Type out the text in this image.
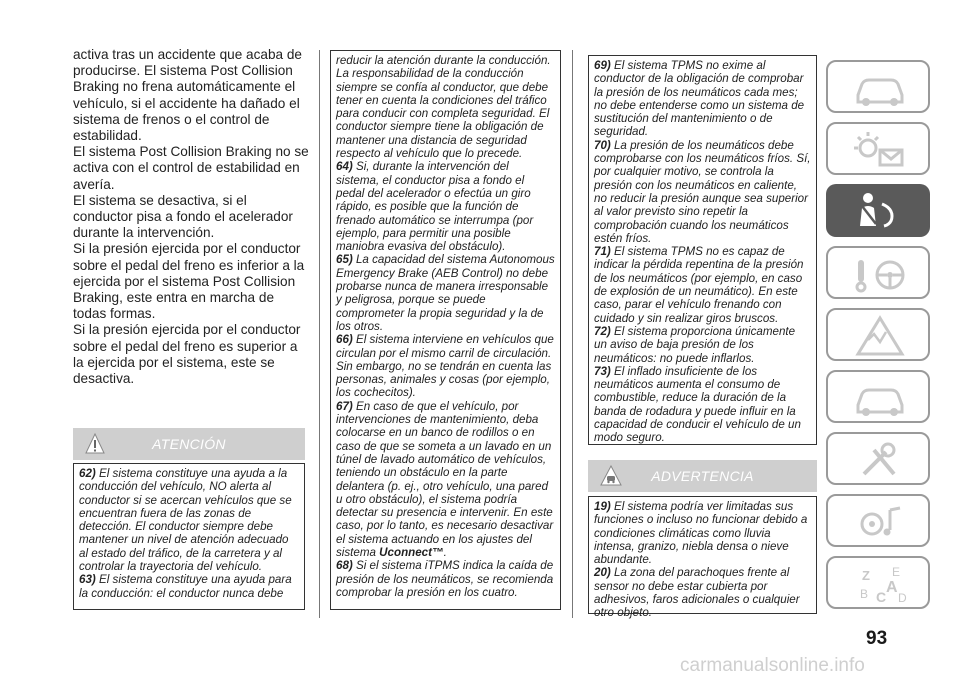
activa tras un accidente que acaba de producirse. El sistema Post Collision Braking no frena automáticamente el vehículo, si el accidente ha dañado el sistema de frenos o el control de estabilidad.

El sistema Post Collision Braking no se activa con el control de estabilidad en avería.

El sistema se desactiva, si el conductor pisa a fondo el acelerador durante la intervención.

Si la presión ejercida por el conductor sobre el pedal del freno es inferior a la ejercida por el sistema Post Collision Braking, este entra en marcha de todas formas.

Si la presión ejercida por el conductor sobre el pedal del freno es superior a la ejercida por el sistema, este se desactiva.

ATENCIÓN

62) El sistema constituye una ayuda a la conducción del vehículo, NO alerta al conductor si se acercan vehículos que se encuentran fuera de las zonas de detección. El conductor siempre debe mantener un nivel de atención adecuado al estado del tráfico, de la carretera y al controlar la trayectoria del vehículo.

63) El sistema constituye una ayuda para la conducción: el conductor nunca debe

reducir la atención durante la conducción. La responsabilidad de la conducción siempre se confía al conductor, que debe tener en cuenta la condiciones del tráfico para conducir con completa seguridad. El conductor siempre tiene la obligación de mantener una distancia de seguridad respecto al vehículo que lo precede.

64) Si, durante la intervención del sistema, el conductor pisa a fondo el pedal del acelerador o efectúa un giro rápido, es posible que la función de frenado automático se interrumpa (por ejemplo, para permitir una posible maniobra evasiva del obstáculo).

65) La capacidad del sistema Autonomous Emergency Brake (AEB Control) no debe probarse nunca de manera irresponsable y peligrosa, porque se puede comprometer la propia seguridad y la de los otros.

66) El sistema interviene en vehículos que circulan por el mismo carril de circulación. Sin embargo, no se tendrán en cuenta las personas, animales y cosas (por ejemplo, los cochecitos).

67) En caso de que el vehículo, por intervenciones de mantenimiento, deba colocarse en un banco de rodillos o en caso de que se someta a un lavado en un túnel de lavado automático de vehículos, teniendo un obstáculo en la parte delantera (p. ej., otro vehículo, una pared u otro obstáculo), el sistema podría detectar su presencia e intervenir. En este caso, por lo tanto, es necesario desactivar el sistema actuando en los ajustes del sistema Uconnect™.

68) Si el sistema iTPMS indica la caída de presión de los neumáticos, se recomienda comprobar la presión en los cuatro.

69) El sistema TPMS no exime al conductor de la obligación de comprobar la presión de los neumáticos cada mes; no debe entenderse como un sistema de sustitución del mantenimiento o de seguridad.

70) La presión de los neumáticos debe comprobarse con los neumáticos fríos. Sí, por cualquier motivo, se controla la presión con los neumáticos en caliente, no reducir la presión aunque sea superior al valor previsto sino repetir la comprobación cuando los neumáticos estén fríos.

71) El sistema TPMS no es capaz de indicar la pérdida repentina de la presión de los neumáticos (por ejemplo, en caso de explosión de un neumático). En este caso, parar el vehículo frenando con cuidado y sin realizar giros bruscos.

72) El sistema proporciona únicamente un aviso de baja presión de los neumáticos: no puede inflarlos.

73) El inflado insuficiente de los neumáticos aumenta el consumo de combustible, reduce la duración de la banda de rodadura y puede influir en la capacidad de conducir el vehículo de un modo seguro.

ADVERTENCIA

19) El sistema podría ver limitadas sus funciones o incluso no funcionar debido a condiciones climáticas como lluvia intensa, granizo, niebla densa o nieve abundante.

20) La zona del parachoques frente al sensor no debe estar cubierta por adhesivos, faros adicionales o cualquier otro objeto.

Z E
B C
A
D
93
carmanualsonline.info
